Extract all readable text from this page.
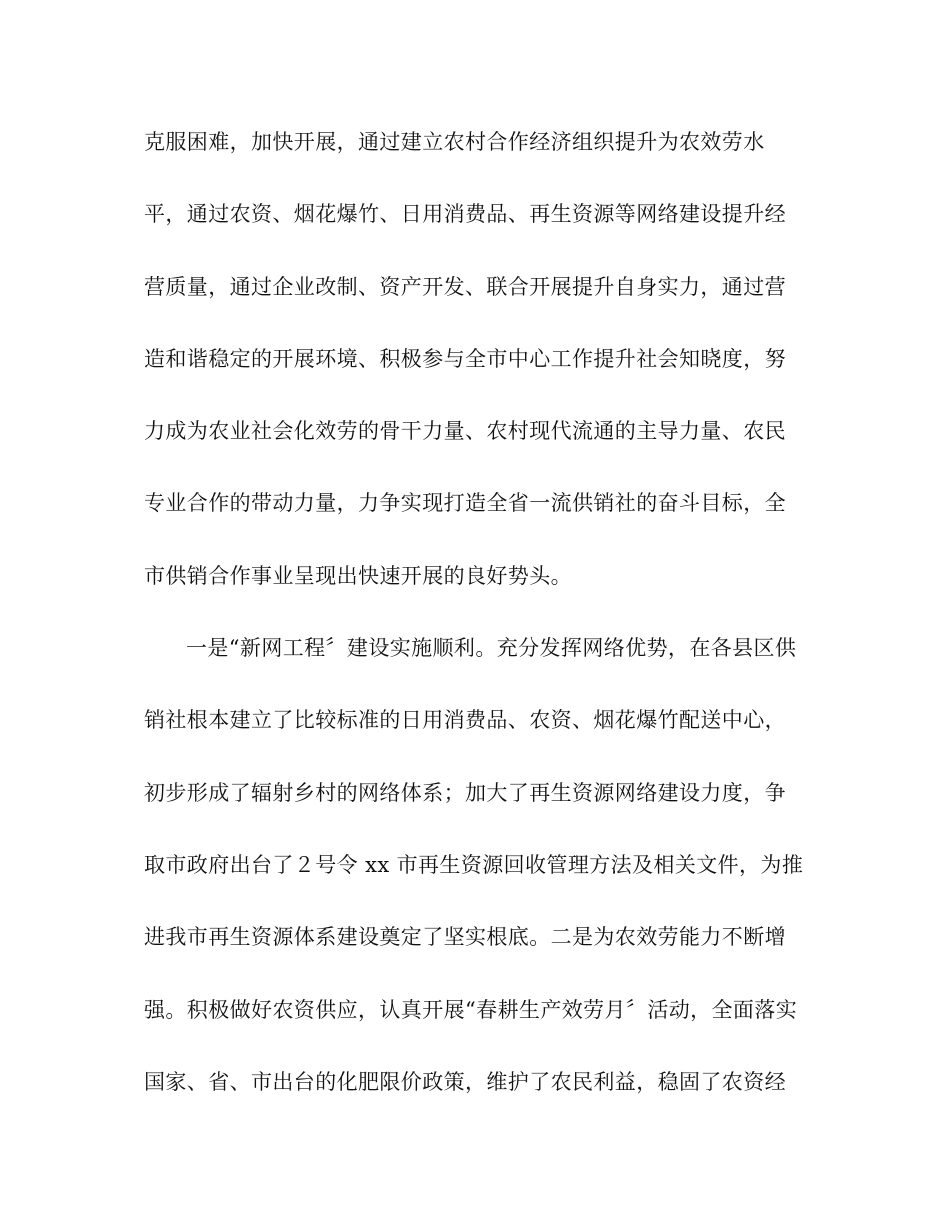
克服困难，加快开展，通过建立农村合作经济组织提升为农效劳水
平，通过农资、烟花爆竹、日用消费品、再生资源等网络建设提升经
营质量，通过企业改制、资产开发、联合开展提升自身实力，通过营
造和谐稳定的开展环境、积极参与全市中心工作提升社会知晓度，努
力成为农业社会化效劳的骨干力量、农村现代流通的主导力量、农民
专业合作的带动力量，力争实现打造全省一流供销社的奋斗目标，全
市供销合作事业呈现出快速开展的良好势头。
一是“新网工程〞建设实施顺利。充分发挥网络优势，在各县区供
销社根本建立了比较标准的日用消费品、农资、烟花爆竹配送中心，
初步形成了辐射乡村的网络体系；加大了再生资源网络建设力度，争
取市政府出台了２号令 xx 市再生资源回收管理方法及相关文件，为推
进我市再生资源体系建设奠定了坚实根底。二是为农效劳能力不断增
强。积极做好农资供应，认真开展“春耕生产效劳月〞活动，全面落实
国家、省、市出台的化肥限价政策，维护了农民利益，稳固了农资经
